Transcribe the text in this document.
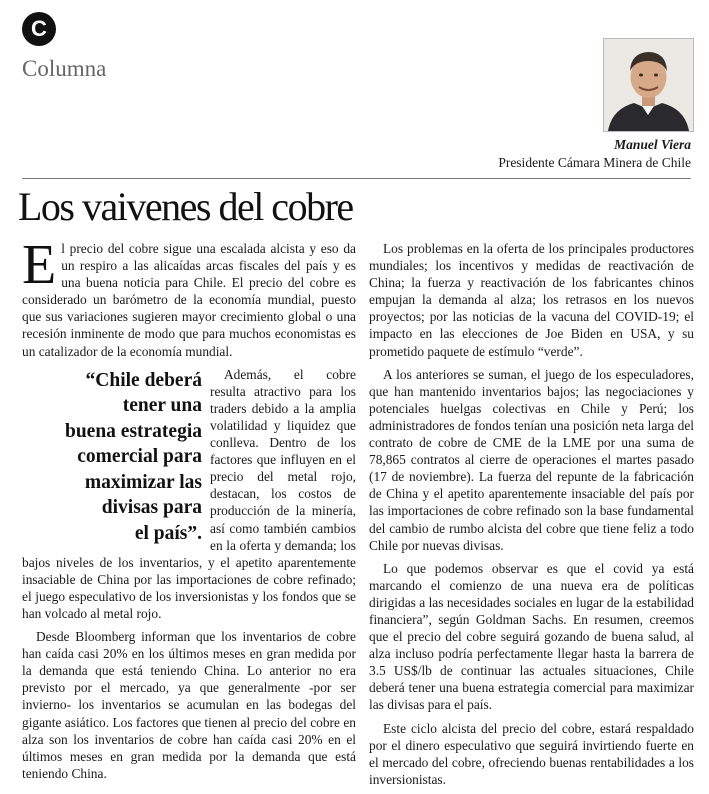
C
Columna
Manuel Viera
Presidente Cámara Minera de Chile
Los vaivenes del cobre

El precio del cobre sigue una escalada alcista y eso da un respiro a las alicaídas arcas fiscales del país y es una buena noticia para Chile. El precio del cobre es considerado un barómetro de la economía mundial, puesto que sus variaciones sugieren mayor crecimiento global o una recesión inminente de modo que para muchos economistas es un catalizador de la economía mundial.

“Chile deberá
tener una
buena estrategia
comercial para
maximizar las
divisas para
el país”.
Además, el cobre resulta atractivo para los traders debido a la amplia volatilidad y liquidez que conlleva. Dentro de los factores que influyen en el precio del metal rojo, destacan, los costos de producción de la minería, así como también cambios en la oferta y demanda; los bajos niveles de los inventarios, y el apetito aparentemente insaciable de China por las importaciones de cobre refinado; el juego especulativo de los inversionistas y los fondos que se han volcado al metal rojo.

Desde Bloomberg informan que los inventarios de cobre han caída casi 20% en los últimos meses en gran medida por la demanda que está teniendo China. Lo anterior no era previsto por el mercado, ya que generalmente -por ser invierno- los inventarios se acumulan en las bodegas del gigante asiático. Los factores que tienen al precio del cobre en alza son los inventarios de cobre han caída casi 20% en el últimos meses en gran medida por la demanda que está teniendo China.

Los problemas en la oferta de los principales productores mundiales; los incentivos y medidas de reactivación de China; la fuerza y reactivación de los fabricantes chinos empujan la demanda al alza; los retrasos en los nuevos proyectos; por las noticias de la vacuna del COVID-19; el impacto en las elecciones de Joe Biden en USA, y su prometido paquete de estímulo “verde”.

A los anteriores se suman, el juego de los especuladores, que han mantenido inventarios bajos; las negociaciones y potenciales huelgas colectivas en Chile y Perú; los administradores de fondos tenían una posición neta larga del contrato de cobre de CME de la LME por una suma de 78,865 contratos al cierre de operaciones el martes pasado (17 de noviembre). La fuerza del repunte de la fabricación de China y el apetito aparentemente insaciable del país por las importaciones de cobre refinado son la base fundamental del cambio de rumbo alcista del cobre que tiene feliz a todo Chile por nuevas divisas.

Lo que podemos observar es que el covid ya está marcando el comienzo de una nueva era de políticas dirigidas a las necesidades sociales en lugar de la estabilidad financiera”, según Goldman Sachs. En resumen, creemos que el precio del cobre seguirá gozando de buena salud, al alza incluso podría perfectamente llegar hasta la barrera de 3.5 US$/lb de continuar las actuales situaciones, Chile deberá tener una buena estrategia comercial para maximizar las divisas para el país.

Este ciclo alcista del precio del cobre, estará respaldado por el dinero especulativo que seguirá invirtiendo fuerte en el mercado del cobre, ofreciendo buenas rentabilidades a los inversionistas.
